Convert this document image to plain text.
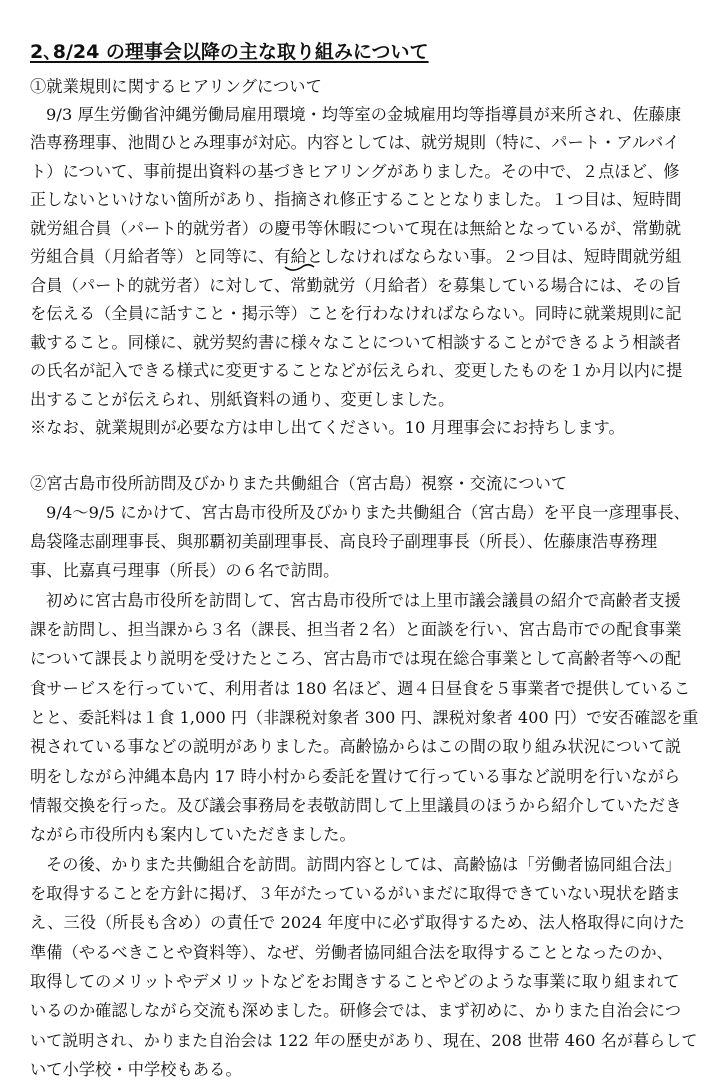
2､8/24 の理事会以降の主な取り組みについて
①就業規則に関するヒアリングについて
9/3 厚生労働省沖縄労働局雇用環境・均等室の金城雇用均等指導員が来所され、佐藤康
浩専務理事、池間ひとみ理事が対応。内容としては、就労規則（特に、パート・アルバイ
ト）について、事前提出資料の基づきヒアリングがありました。その中で、２点ほど、修
正しないといけない箇所があり、指摘され修正することとなりました。１つ目は、短時間
就労組合員（パート的就労者）の慶弔等休暇について現在は無給となっているが、常勤就
労組合員（月給者等）と同等に、有給としなければならない事。２つ目は、短時間就労組
合員（パート的就労者）に対して、常勤就労（月給者）を募集している場合には、その旨
を伝える（全員に話すこと・掲示等）ことを行わなければならない。同時に就業規則に記
載すること。同様に、就労契約書に様々なことについて相談することができるよう相談者
の氏名が記入できる様式に変更することなどが伝えられ、変更したものを１か月以内に提
出することが伝えられ、別紙資料の通り、変更しました。
※なお、就業規則が必要な方は申し出てください。10 月理事会にお持ちします。
②宮古島市役所訪問及びかりまた共働組合（宮古島）視察・交流について
9/4～9/5 にかけて、宮古島市役所及びかりまた共働組合（宮古島）を平良一彦理事長、
島袋隆志副理事長、與那覇初美副理事長、高良玲子副理事長（所長）、佐藤康浩専務理
事、比嘉真弓理事（所長）の６名で訪問。
初めに宮古島市役所を訪問して、宮古島市役所では上里市議会議員の紹介で高齢者支援
課を訪問し、担当課から３名（課長、担当者２名）と面談を行い、宮古島市での配食事業
について課長より説明を受けたところ、宮古島市では現在総合事業として高齢者等への配
食サービスを行っていて、利用者は 180 名ほど、週４日昼食を５事業者で提供しているこ
とと、委託料は１食 1,000 円（非課税対象者 300 円、課税対象者 400 円）で安否確認を重
視されている事などの説明がありました。高齢協からはこの間の取り組み状況について説
明をしながら沖縄本島内 17 時小村から委託を置けて行っている事など説明を行いながら
情報交換を行った。及び議会事務局を表敬訪問して上里議員のほうから紹介していただき
ながら市役所内も案内していただきました。
その後、かりまた共働組合を訪問。訪問内容としては、高齢協は「労働者協同組合法」
を取得することを方針に掲げ、３年がたっているがいまだに取得できていない現状を踏ま
え、三役（所長も含め）の責任で 2024 年度中に必ず取得するため、法人格取得に向けた
準備（やるべきことや資料等）、なぜ、労働者協同組合法を取得することとなったのか、
取得してのメリットやデメリットなどをお聞きすることやどのような事業に取り組まれて
いるのか確認しながら交流も深めました。研修会では、まず初めに、かりまた自治会につ
いて説明され、かりまた自治会は 122 年の歴史があり、現在、208 世帯 460 名が暮らして
いて小学校・中学校もある。
